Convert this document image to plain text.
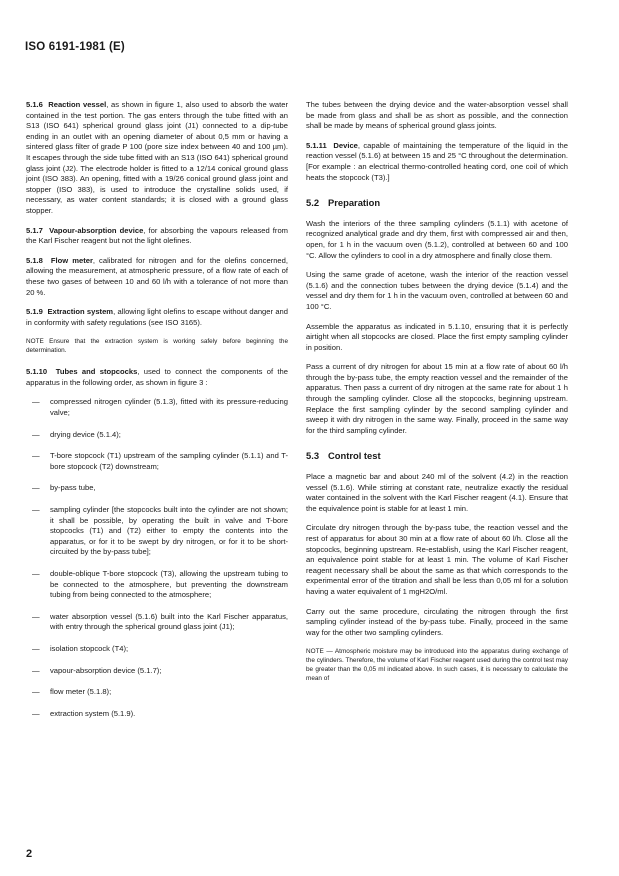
ISO 6191-1981 (E)

5.1.6 Reaction vessel, as shown in figure 1, also used to absorb the water contained in the test portion. The gas enters through the tube fitted with an S13 (ISO 641) spherical ground glass joint (J1) connected to a dip-tube ending in an outlet with an opening diameter of about 0,5 mm or having a sintered glass filter of grade P 100 (pore size index between 40 and 100 µm). It escapes through the side tube fitted with an S13 (ISO 641) spherical ground glass joint (J2). The electrode holder is fitted to a 12/14 conical ground glass joint (ISO 383). An opening, fitted with a 19/26 conical ground glass joint and stopper (ISO 383), is used to introduce the crystalline solids used, if necessary, as water content standards; it is closed with a ground glass stopper.

5.1.7 Vapour-absorption device, for absorbing the vapours released from the Karl Fischer reagent but not the light olefines.

5.1.8 Flow meter, calibrated for nitrogen and for the olefins concerned, allowing the measurement, at atmospheric pressure, of a flow rate of each of these two gases of between 10 and 60 l/h with a tolerance of not more than 20 %.

5.1.9 Extraction system, allowing light olefins to escape without danger and in conformity with safety regulations (see ISO 3165).

NOTE Ensure that the extraction system is working safely before beginning the determination.

5.1.10 Tubes and stopcocks, used to connect the components of the apparatus in the following order, as shown in figure 3 :

— compressed nitrogen cylinder (5.1.3), fitted with its pressure-reducing valve;
— drying device (5.1.4);
— T-bore stopcock (T1) upstream of the sampling cylinder (5.1.1) and T-bore stopcock (T2) downstream;
— by-pass tube,
— sampling cylinder [the stopcocks built into the cylinder are not shown; it shall be possible, by operating the built in valve and T-bore stopcocks (T1) and (T2) either to empty the contents into the apparatus, or for it to be swept by dry nitrogen, or for it to be short-circuited by the by-pass tube];
— double-oblique T-bore stopcock (T3), allowing the upstream tubing to be connected to the atmosphere, but preventing the downstream tubing from being connected to the atmosphere;
— water absorption vessel (5.1.6) built into the Karl Fischer apparatus, with entry through the spherical ground glass joint (J1);
— isolation stopcock (T4);
— vapour-absorption device (5.1.7);
— flow meter (5.1.8);
— extraction system (5.1.9).

The tubes between the drying device and the water-absorption vessel shall be made from glass and shall be as short as possible, and the connection shall be made by means of spherical ground glass joints.

5.1.11 Device, capable of maintaining the temperature of the liquid in the reaction vessel (5.1.6) at between 15 and 25 °C throughout the determination. [For example : an electrical thermo-controlled heating cord, one coil of which heats the stopcock (T3).]

5.2 Preparation

Wash the interiors of the three sampling cylinders (5.1.1) with acetone of recognized analytical grade and dry them, first with compressed air and then, open, for 1 h in the vacuum oven (5.1.2), controlled at between 60 and 100 °C. Allow the cylinders to cool in a dry atmosphere and finally close them.

Using the same grade of acetone, wash the interior of the reaction vessel (5.1.6) and the connection tubes between the drying device (5.1.4) and the vessel and dry them for 1 h in the vacuum oven, controlled at between 60 and 100 °C.

Assemble the apparatus as indicated in 5.1.10, ensuring that it is perfectly airtight when all stopcocks are closed. Place the first empty sampling cylinder in position.

Pass a current of dry nitrogen for about 15 min at a flow rate of about 60 l/h through the by-pass tube, the empty reaction vessel and the remainder of the apparatus. Then pass a current of dry nitrogen at the same rate for about 1 h through the sampling cylinder. Close all the stopcocks, beginning upstream. Replace the first sampling cylinder by the second sampling cylinder and sweep it with dry nitrogen in the same way. Finally, proceed in the same way for the third sampling cylinder.

5.3 Control test

Place a magnetic bar and about 240 ml of the solvent (4.2) in the reaction vessel (5.1.6). While stirring at constant rate, neutralize exactly the residual water contained in the solvent with the Karl Fischer reagent (4.1). Ensure that the equivalence point is stable for at least 1 min.

Circulate dry nitrogen through the by-pass tube, the reaction vessel and the rest of apparatus for about 30 min at a flow rate of about 60 l/h. Close all the stopcocks, beginning upstream. Re-establish, using the Karl Fischer reagent, an equivalence point stable for at least 1 min. The volume of Karl Fischer reagent necessary shall be about the same as that which corresponds to the experimental error of the titration and shall be less than 0,05 ml for a solution having a water equivalent of 1 mgH2O/ml.

Carry out the same procedure, circulating the nitrogen through the first sampling cylinder instead of the by-pass tube. Finally, proceed in the same way for the other two sampling cylinders.

NOTE — Atmospheric moisture may be introduced into the apparatus during exchange of the cylinders. Therefore, the volume of Karl Fischer reagent used during the control test may be greater than the 0,05 ml indicated above. In such cases, it is necessary to calculate the mean of

2
